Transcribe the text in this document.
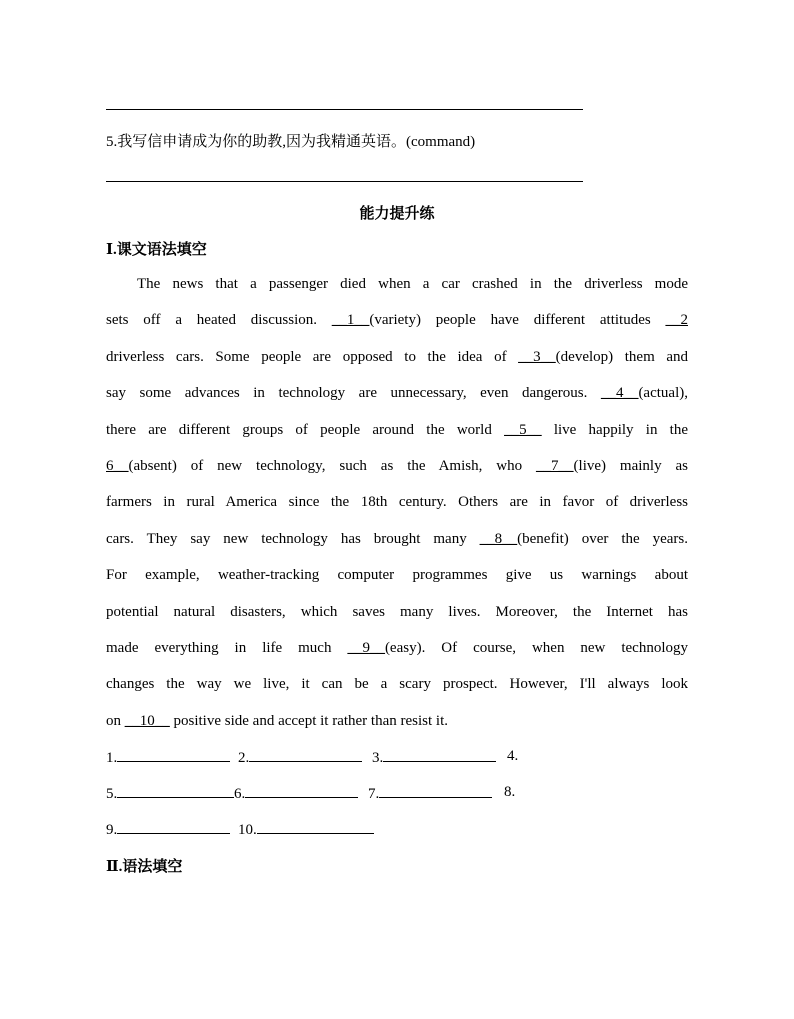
5.我写信申请成为你的助教,因为我精通英语。(command)
能力提升练
Ⅰ.课文语法填空
The news that a passenger died when a car crashed in the driverless mode
sets off a heated discussion. __1__(variety) people have different attitudes __2
driverless cars. Some people are opposed to the idea of __3__(develop) them and
say some advances in technology are unnecessary, even dangerous. __4__(actual),
there are different groups of people around the world __5__ live happily in the
6__(absent) of new technology, such as the Amish, who __7__(live) mainly as
farmers in rural America since the 18th century. Others are in favor of driverless
cars. They say new technology has brought many __8__(benefit) over the years.
For example, weather-tracking computer programmes give us warnings about
potential natural disasters, which saves many lives. Moreover, the Internet has
made everything in life much __9__(easy). Of course, when new technology
changes the way we live, it can be a scary prospect. However, I'll always look
on __10__ positive side and accept it rather than resist it.
1.	2.	3.	4.
5.	6.	7.	8.
9.	10.
Ⅱ.语法填空
